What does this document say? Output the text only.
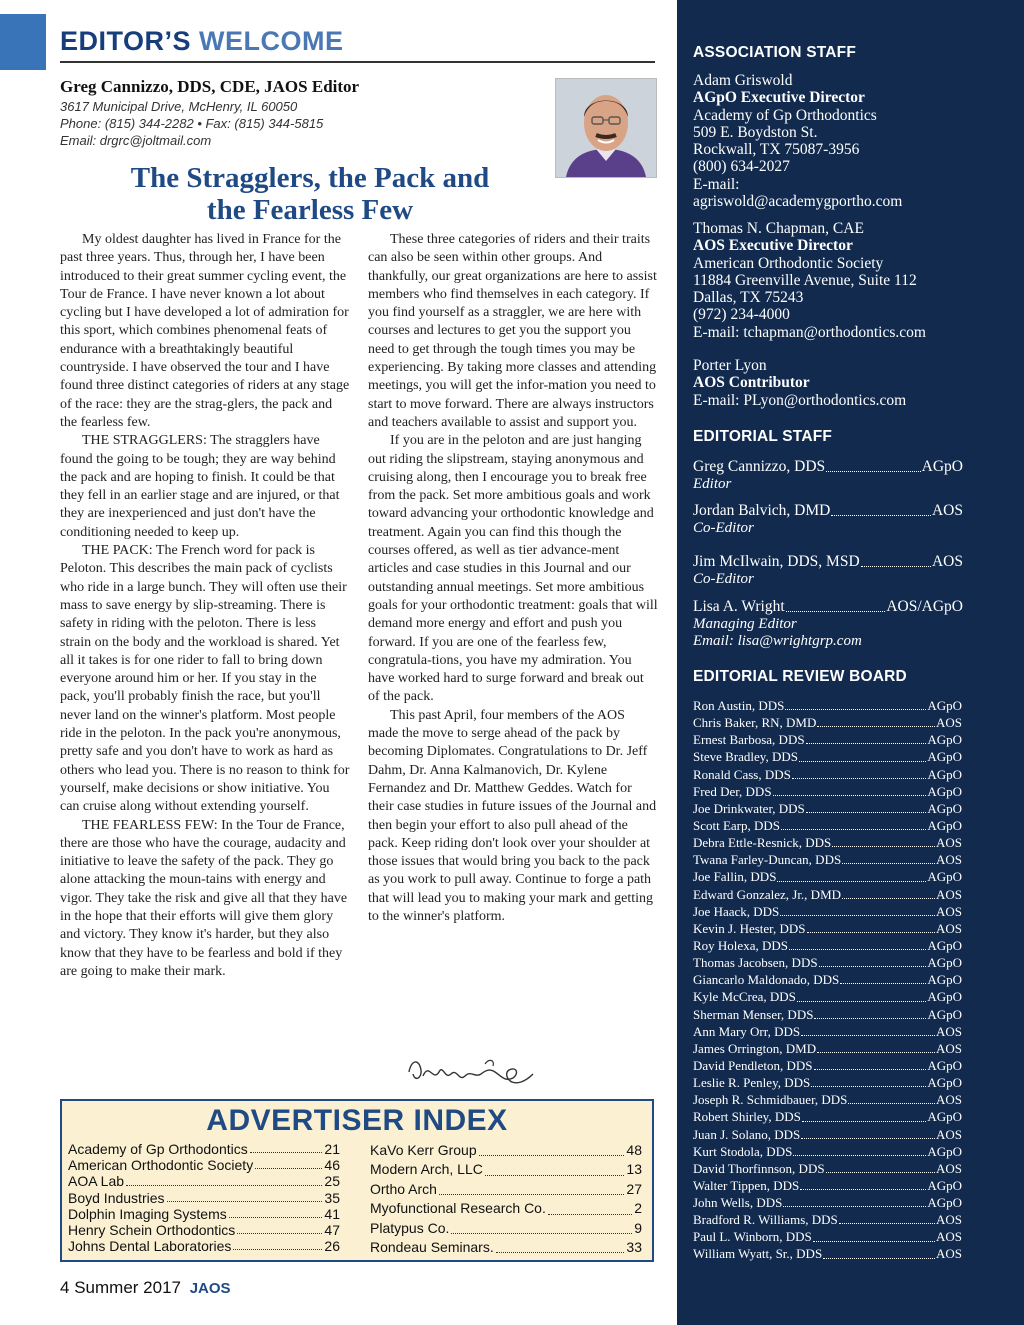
EDITOR’S WELCOME
Greg Cannizzo, DDS, CDE, JAOS Editor
3617 Municipal Drive, McHenry, IL 60050
Phone: (815) 344-2282 • Fax: (815) 344-5815
Email: drgrc@joltmail.com
The Stragglers, the Pack and
the Fearless Few

My oldest daughter has lived in France for the past three years. Thus, through her, I have been introduced to their great summer cycling event, the Tour de France. I have never known a lot about cycling but I have developed a lot of admiration for this sport, which combines phenomenal feats of endurance with a breathtakingly beautiful countryside. I have observed the tour and I have found three distinct categories of riders at any stage of the race: they are the strag-glers, the pack and the fearless few.

THE STRAGGLERS: The stragglers have found the going to be tough; they are way behind the pack and are hoping to finish. It could be that they fell in an earlier stage and are injured, or that they are inexperienced and just don't have the conditioning needed to keep up.

THE PACK: The French word for pack is Peloton. This describes the main pack of cyclists who ride in a large bunch. They will often use their mass to save energy by slip-streaming. There is safety in riding with the peloton. There is less strain on the body and the workload is shared. Yet all it takes is for one rider to fall to bring down everyone around him or her. If you stay in the pack, you'll probably finish the race, but you'll never land on the winner's platform. Most people ride in the peloton. In the pack you're anonymous, pretty safe and you don't have to work as hard as others who lead you. There is no reason to think for yourself, make decisions or show initiative. You can cruise along without extending yourself.

THE FEARLESS FEW: In the Tour de France, there are those who have the courage, audacity and initiative to leave the safety of the pack. They go alone attacking the moun-tains with energy and vigor. They take the risk and give all that they have in the hope that their efforts will give them glory and victory. They know it's harder, but they also know that they have to be fearless and bold if they are going to make their mark.

These three categories of riders and their traits can also be seen within other groups. And thankfully, our great organizations are here to assist members who find themselves in each category. If you find yourself as a straggler, we are here with courses and lectures to get you the support you need to get through the tough times you may be experiencing. By taking more classes and attending meetings, you will get the infor-mation you need to start to move forward. There are always instructors and teachers available to assist and support you.

If you are in the peloton and are just hanging out riding the slipstream, staying anonymous and cruising along, then I encourage you to break free from the pack. Set more ambitious goals and work toward advancing your orthodontic knowledge and treatment. Again you can find this though the courses offered, as well as tier advance-ment articles and case studies in this Journal and our outstanding annual meetings. Set more ambitious goals for your orthodontic treatment: goals that will demand more energy and effort and push you forward. If you are one of the fearless few, congratula-tions, you have my admiration. You have worked hard to surge forward and break out of the pack.

This past April, four members of the AOS made the move to serge ahead of the pack by becoming Diplomates. Congratulations to Dr. Jeff Dahm, Dr. Anna Kalmanovich, Dr. Kylene Fernandez and Dr. Matthew Geddes. Watch for their case studies in future issues of the Journal and then begin your effort to also pull ahead of the pack. Keep riding don't look over your shoulder at those issues that would bring you back to the pack as you work to pull away. Continue to forge a path that will lead you to making your mark and getting to the winner's platform.

ADVERTISER INDEX
Academy of Gp Orthodontics	21
American Orthodontic Society	46
AOA Lab	25
Boyd Industries	35
Dolphin Imaging Systems	41
Henry Schein Orthodontics	47
Johns Dental Laboratories	26
KaVo Kerr Group	48
Modern Arch, LLC	13
Ortho Arch	27
Myofunctional Research Co.	2
Platypus Co.	9
Rondeau Seminars.	33
4 Summer 2017 JAOS
ASSOCIATION STAFF
Adam Griswold
AGpO Executive Director
Academy of Gp Orthodontics
509 E. Boydston St.
Rockwall, TX 75087-3956
(800) 634-2027
E-mail:
agriswold@academygportho.com
Thomas N. Chapman, CAE
AOS Executive Director
American Orthodontic Society
11884 Greenville Avenue, Suite 112
Dallas, TX 75243
(972) 234-4000
E-mail: tchapman@orthodontics.com
Porter Lyon
AOS Contributor
E-mail: PLyon@orthodontics.com
EDITORIAL STAFF
Greg Cannizzo, DDS	AGpO
Editor
Jordan Balvich, DMD	AOS
Co-Editor
Jim McIlwain, DDS, MSD	AOS
Co-Editor
Lisa A. Wright	AOS/AGpO
Managing Editor
Email: lisa@wrightgrp.com
EDITORIAL REVIEW BOARD
Ron Austin, DDS	AGpO
Chris Baker, RN, DMD	AOS
Ernest Barbosa, DDS	AGpO
Steve Bradley, DDS	AGpO
Ronald Cass, DDS	AGpO
Fred Der, DDS	AGpO
Joe Drinkwater, DDS	AGpO
Scott Earp, DDS	AGpO
Debra Ettle-Resnick, DDS	AOS
Twana Farley-Duncan, DDS	AOS
Joe Fallin, DDS	AGpO
Edward Gonzalez, Jr., DMD	AOS
Joe Haack, DDS	AOS
Kevin J. Hester, DDS	AOS
Roy Holexa, DDS	AGpO
Thomas Jacobsen, DDS	AGpO
Giancarlo Maldonado, DDS	AGpO
Kyle McCrea, DDS	AGpO
Sherman Menser, DDS	AGpO
Ann Mary Orr, DDS	AOS
James Orrington, DMD	AOS
David Pendleton, DDS	AGpO
Leslie R. Penley, DDS	AGpO
Joseph R. Schmidbauer, DDS	AOS
Robert Shirley, DDS	AGpO
Juan J. Solano, DDS	AOS
Kurt Stodola, DDS	AGpO
David Thorfinnson, DDS	AOS
Walter Tippen, DDS	AGpO
John Wells, DDS	AGpO
Bradford R. Williams, DDS	AOS
Paul L. Winborn, DDS	AOS
William Wyatt, Sr., DDS	AOS
